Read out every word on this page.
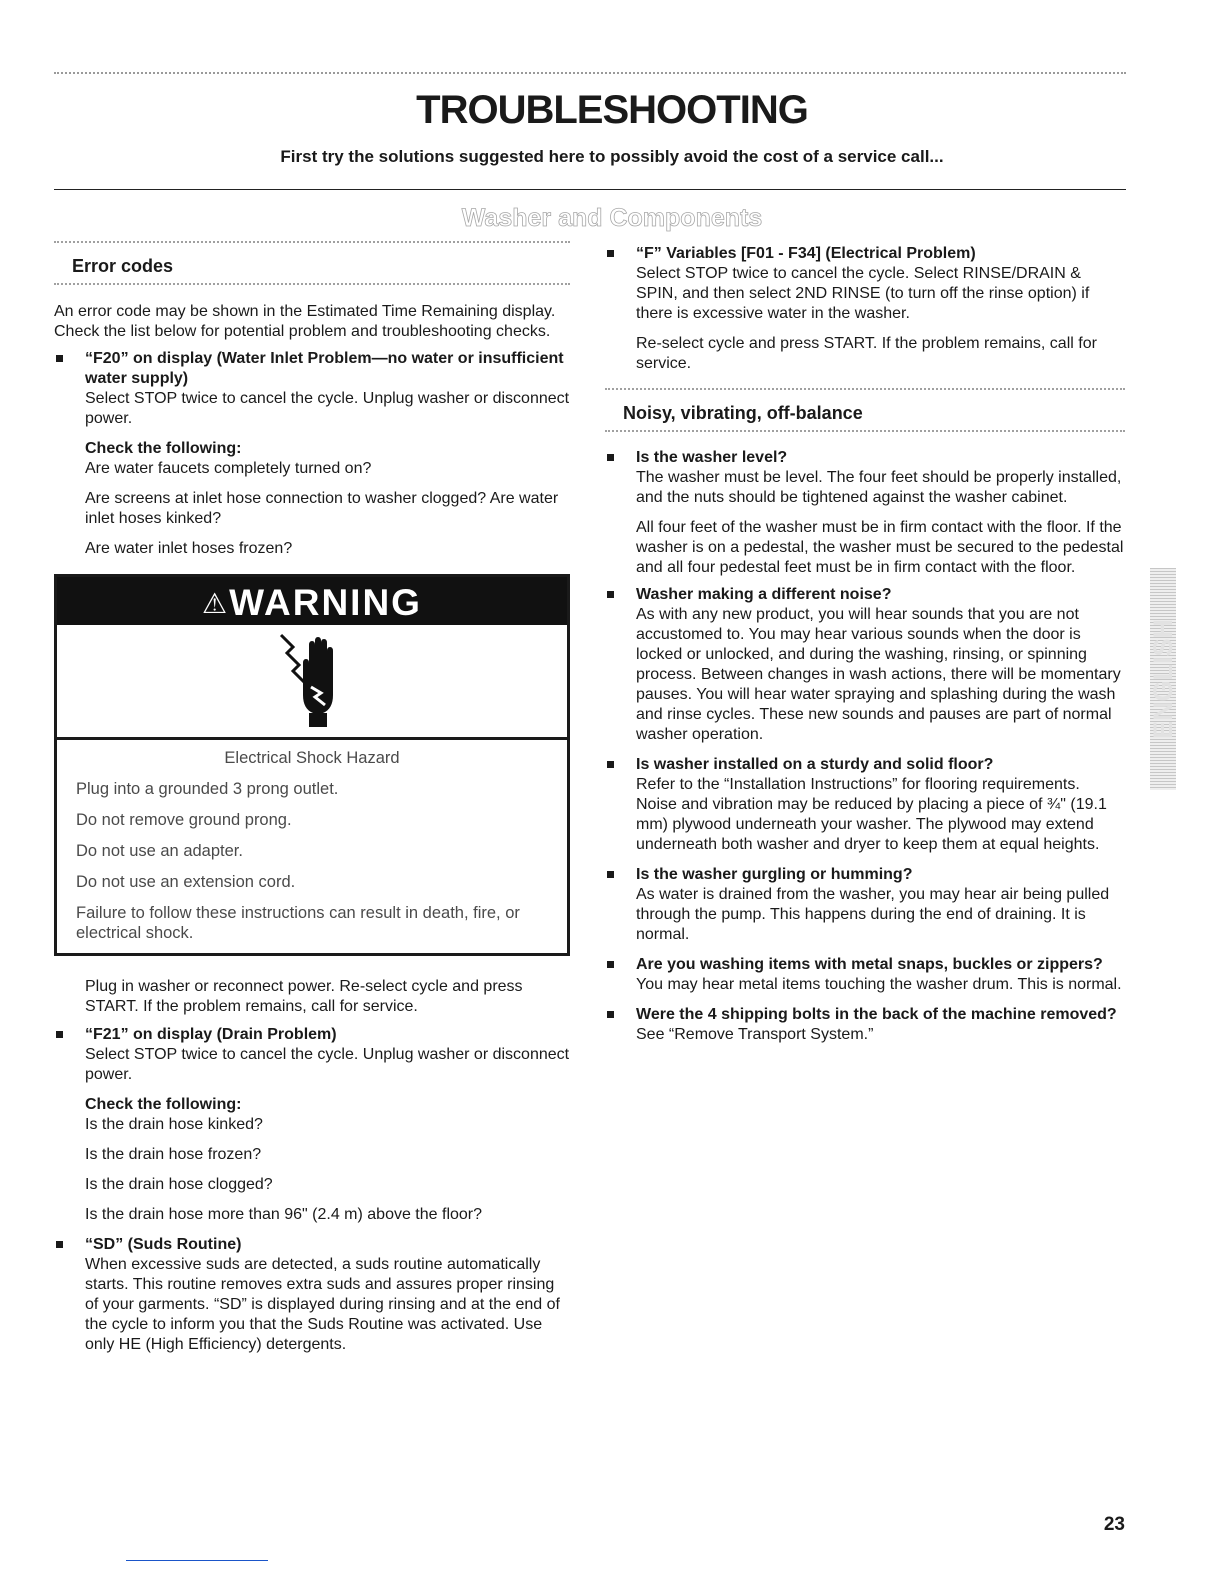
TROUBLESHOOTING

First try the solutions suggested here to possibly avoid the cost of a service call...

Washer and Components
Error codes

An error code may be shown in the Estimated Time Remaining display. Check the list below for potential problem and troubleshooting checks.

“F20” on display (Water Inlet Problem—no water or insufficient water supply)

Select STOP twice to cancel the cycle. Unplug washer or disconnect power.

Check the following:

Are water faucets completely turned on?

Are screens at inlet hose connection to washer clogged? Are water inlet hoses kinked?

Are water inlet hoses frozen?

⚠WARNING

Electrical Shock Hazard

Plug into a grounded 3 prong outlet.

Do not remove ground prong.

Do not use an adapter.

Do not use an extension cord.

Failure to follow these instructions can result in death, fire, or electrical shock.

Plug in washer or reconnect power. Re-select cycle and press START. If the problem remains, call for service.

“F21” on display (Drain Problem)

Select STOP twice to cancel the cycle. Unplug washer or disconnect power.

Check the following:

Is the drain hose kinked?

Is the drain hose frozen?

Is the drain hose clogged?

Is the drain hose more than 96" (2.4 m) above the floor?

“SD” (Suds Routine)

When excessive suds are detected, a suds routine automatically starts. This routine removes extra suds and assures proper rinsing of your garments. “SD” is displayed during rinsing and at the end of the cycle to inform you that the Suds Routine was activated. Use only HE (High Efficiency) detergents.

“F” Variables [F01 - F34] (Electrical Problem)

Select STOP twice to cancel the cycle. Select RINSE/DRAIN & SPIN, and then select 2ND RINSE (to turn off the rinse option) if there is excessive water in the washer.

Re-select cycle and press START. If the problem remains, call for service.

Noisy, vibrating, off-balance

Is the washer level?

The washer must be level. The four feet should be properly installed, and the nuts should be tightened against the washer cabinet.

All four feet of the washer must be in firm contact with the floor. If the washer is on a pedestal, the washer must be secured to the pedestal and all four pedestal feet must be in firm contact with the floor.

Washer making a different noise?

As with any new product, you will hear sounds that you are not accustomed to. You may hear various sounds when the door is locked or unlocked, and during the washing, rinsing, or spinning process. Between changes in wash actions, there will be momentary pauses. You will hear water spraying and splashing during the wash and rinse cycles. These new sounds and pauses are part of normal washer operation.

Is washer installed on a sturdy and solid floor?

Refer to the “Installation Instructions” for flooring requirements. Noise and vibration may be reduced by placing a piece of ¾" (19.1 mm) plywood underneath your washer. The plywood may extend underneath both washer and dryer to keep them at equal heights.

Is the washer gurgling or humming?

As water is drained from the washer, you may hear air being pulled through the pump. This happens during the end of draining. It is normal.

Are you washing items with metal snaps, buckles or zippers?

You may hear metal items touching the washer drum. This is normal.

Were the 4 shipping bolts in the back of the machine removed?

See “Remove Transport System.”

ENGLISH

23
